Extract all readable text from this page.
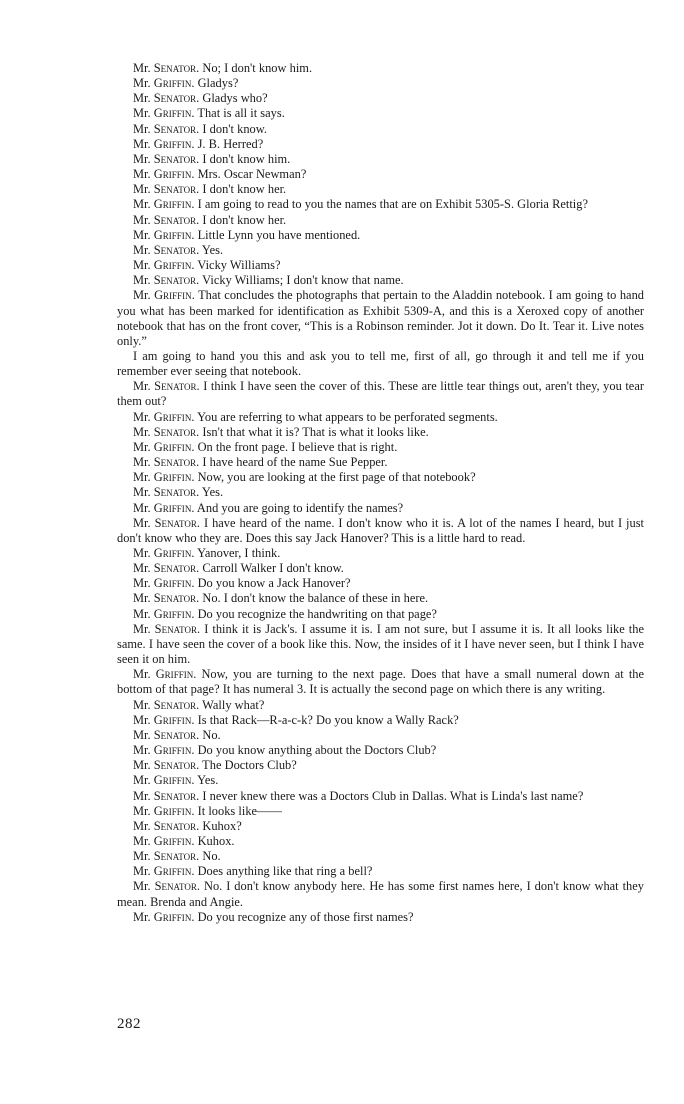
Mr. Senator. No; I don't know him.

Mr. Griffin. Gladys?

Mr. Senator. Gladys who?

Mr. Griffin. That is all it says.

Mr. Senator. I don't know.

Mr. Griffin. J. B. Herred?

Mr. Senator. I don't know him.

Mr. Griffin. Mrs. Oscar Newman?

Mr. Senator. I don't know her.

Mr. Griffin. I am going to read to you the names that are on Exhibit 5305-S. Gloria Rettig?

Mr. Senator. I don't know her.

Mr. Griffin. Little Lynn you have mentioned.

Mr. Senator. Yes.

Mr. Griffin. Vicky Williams?

Mr. Senator. Vicky Williams; I don't know that name.

Mr. Griffin. That concludes the photographs that pertain to the Aladdin notebook. I am going to hand you what has been marked for identification as Exhibit 5309-A, and this is a Xeroxed copy of another notebook that has on the front cover, “This is a Robinson reminder. Jot it down. Do It. Tear it. Live notes only.”

I am going to hand you this and ask you to tell me, first of all, go through it and tell me if you remember ever seeing that notebook.

Mr. Senator. I think I have seen the cover of this. These are little tear things out, aren't they, you tear them out?

Mr. Griffin. You are referring to what appears to be perforated segments.

Mr. Senator. Isn't that what it is? That is what it looks like.

Mr. Griffin. On the front page. I believe that is right.

Mr. Senator. I have heard of the name Sue Pepper.

Mr. Griffin. Now, you are looking at the first page of that notebook?

Mr. Senator. Yes.

Mr. Griffin. And you are going to identify the names?

Mr. Senator. I have heard of the name. I don't know who it is. A lot of the names I heard, but I just don't know who they are. Does this say Jack Hanover? This is a little hard to read.

Mr. Griffin. Yanover, I think.

Mr. Senator. Carroll Walker I don't know.

Mr. Griffin. Do you know a Jack Hanover?

Mr. Senator. No. I don't know the balance of these in here.

Mr. Griffin. Do you recognize the handwriting on that page?

Mr. Senator. I think it is Jack's. I assume it is. I am not sure, but I assume it is. It all looks like the same. I have seen the cover of a book like this. Now, the insides of it I have never seen, but I think I have seen it on him.

Mr. Griffin. Now, you are turning to the next page. Does that have a small numeral down at the bottom of that page? It has numeral 3. It is actually the second page on which there is any writing.

Mr. Senator. Wally what?

Mr. Griffin. Is that Rack—R-a-c-k? Do you know a Wally Rack?

Mr. Senator. No.

Mr. Griffin. Do you know anything about the Doctors Club?

Mr. Senator. The Doctors Club?

Mr. Griffin. Yes.

Mr. Senator. I never knew there was a Doctors Club in Dallas. What is Linda's last name?

Mr. Griffin. It looks like——

Mr. Senator. Kuhox?

Mr. Griffin. Kuhox.

Mr. Senator. No.

Mr. Griffin. Does anything like that ring a bell?

Mr. Senator. No. I don't know anybody here. He has some first names here, I don't know what they mean. Brenda and Angie.

Mr. Griffin. Do you recognize any of those first names?

282
